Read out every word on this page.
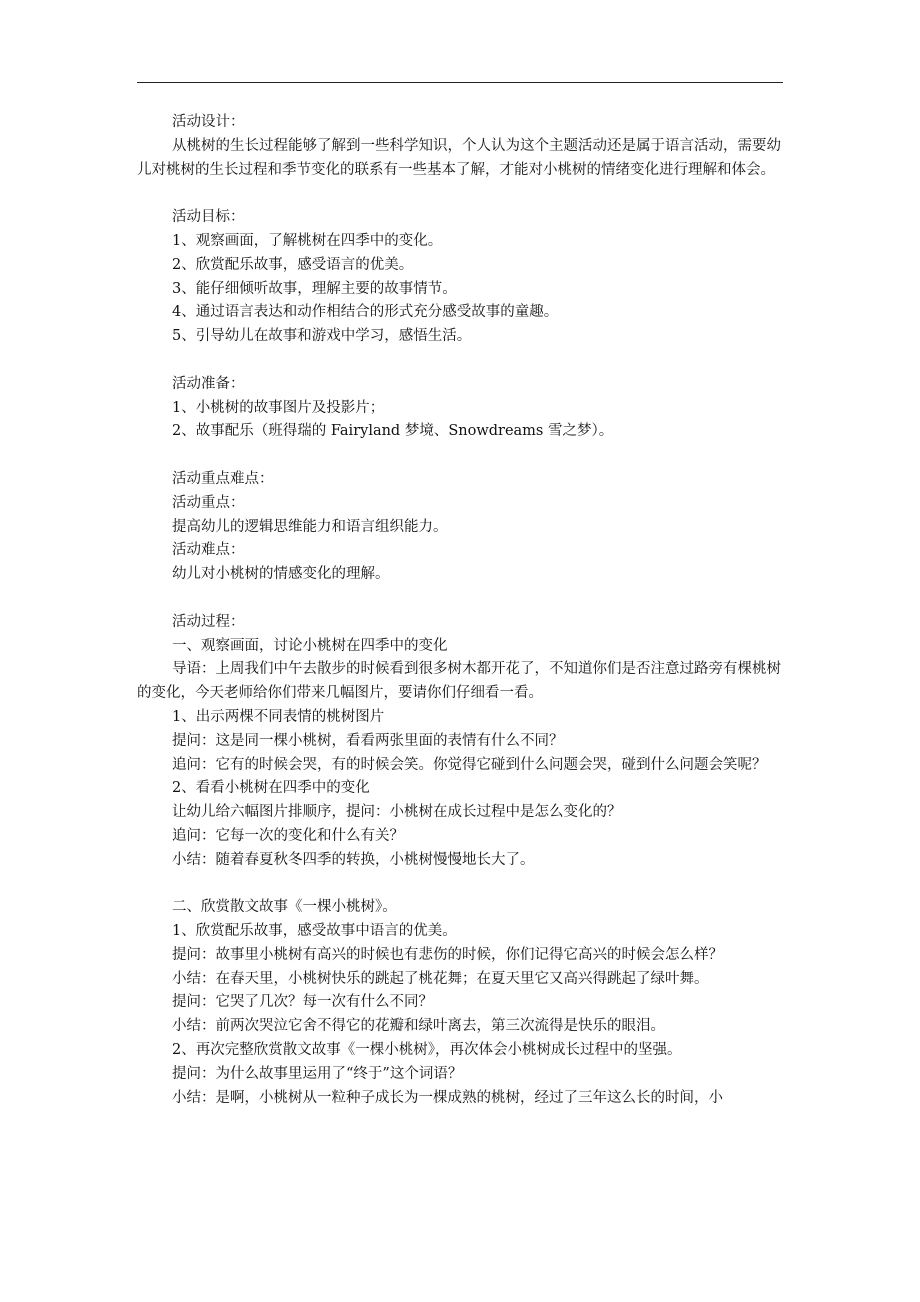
活动设计：

从桃树的生长过程能够了解到一些科学知识，个人认为这个主题活动还是属于语言活动，需要幼儿对桃树的生长过程和季节变化的联系有一些基本了解，才能对小桃树的情绪变化进行理解和体会。

活动目标：

1、观察画面，了解桃树在四季中的变化。

2、欣赏配乐故事，感受语言的优美。

3、能仔细倾听故事，理解主要的故事情节。

4、通过语言表达和动作相结合的形式充分感受故事的童趣。

5、引导幼儿在故事和游戏中学习，感悟生活。

活动准备：

1、小桃树的故事图片及投影片；

2、故事配乐（班得瑞的 Fairyland 梦境、Snowdreams 雪之梦）。

活动重点难点：

活动重点：

提高幼儿的逻辑思维能力和语言组织能力。

活动难点：

幼儿对小桃树的情感变化的理解。

活动过程：

一、观察画面，讨论小桃树在四季中的变化

导语：上周我们中午去散步的时候看到很多树木都开花了，不知道你们是否注意过路旁有棵桃树的变化，今天老师给你们带来几幅图片，要请你们仔细看一看。

1、出示两棵不同表情的桃树图片

提问：这是同一棵小桃树，看看两张里面的表情有什么不同？

追问：它有的时候会哭，有的时候会笑。你觉得它碰到什么问题会哭，碰到什么问题会笑呢？

2、看看小桃树在四季中的变化

让幼儿给六幅图片排顺序，提问：小桃树在成长过程中是怎么变化的？

追问：它每一次的变化和什么有关？

小结：随着春夏秋冬四季的转换，小桃树慢慢地长大了。

二、欣赏散文故事《一棵小桃树》。

1、欣赏配乐故事，感受故事中语言的优美。

提问：故事里小桃树有高兴的时候也有悲伤的时候，你们记得它高兴的时候会怎么样？

小结：在春天里，小桃树快乐的跳起了桃花舞；在夏天里它又高兴得跳起了绿叶舞。

提问：它哭了几次？每一次有什么不同？

小结：前两次哭泣它舍不得它的花瓣和绿叶离去，第三次流得是快乐的眼泪。

2、再次完整欣赏散文故事《一棵小桃树》，再次体会小桃树成长过程中的坚强。

提问：为什么故事里运用了“终于”这个词语？

小结：是啊，小桃树从一粒种子成长为一棵成熟的桃树，经过了三年这么长的时间，小
